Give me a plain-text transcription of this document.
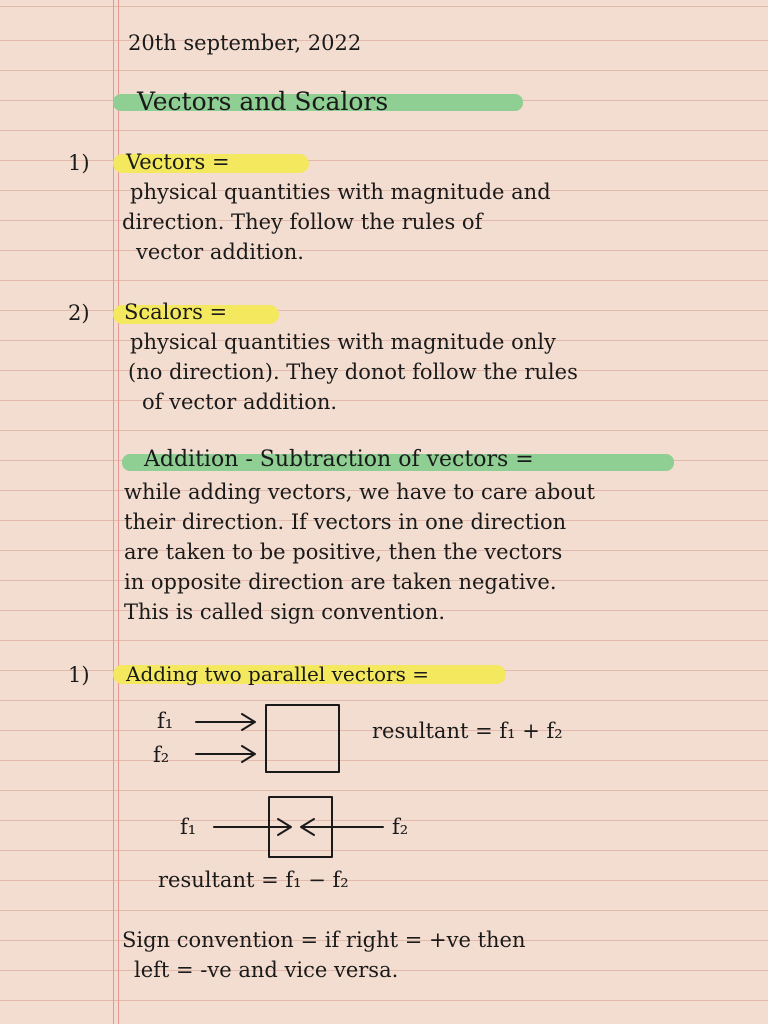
20th september, 2022
Vectors and Scalors
1) Vectors =
physical quantities with magnitude and
direction. They follow the rules of
vector addition.
2) Scalors =
physical quantities with magnitude only
(no direction). They donot follow the rules
of vector addition.
Addition - Subtraction of vectors =
while adding vectors, we have to care about
their direction. If vectors in one direction
are taken to be positive, then the vectors
in opposite direction are taken negative.
This is called sign convention.
1) Adding two parallel vectors =
f₁
f₂
resultant = f₁ + f₂
f₁	f₂
resultant = f₁ − f₂
Sign convention = if right = +ve then
left = -ve and vice versa.
